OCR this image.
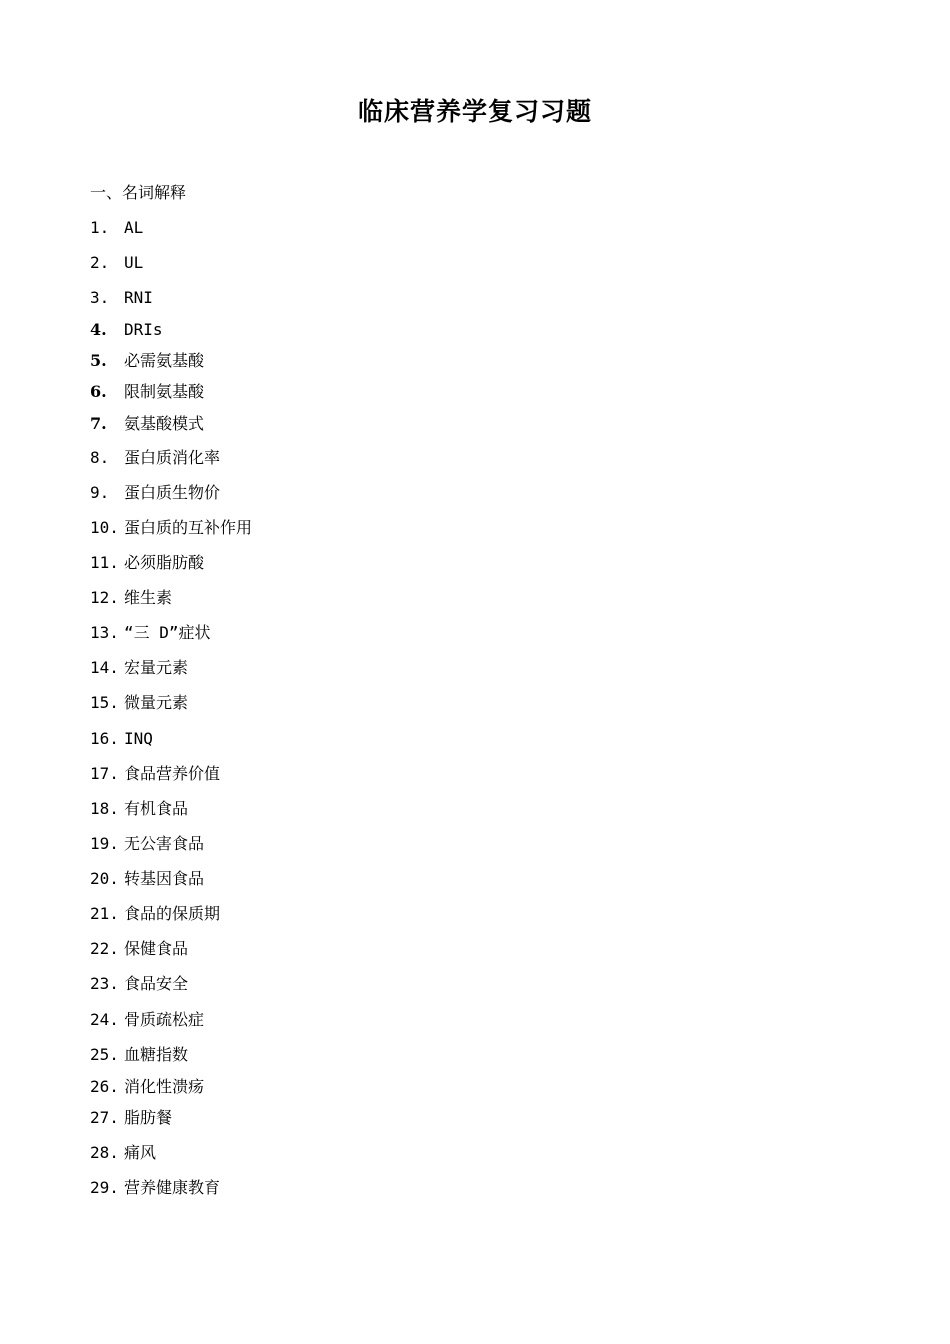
临床营养学复习习题
一、名词解释
1. AL
2. UL
3. RNI
4. DRIs
5. 必需氨基酸
6. 限制氨基酸
7. 氨基酸模式
8. 蛋白质消化率
9. 蛋白质生物价
10. 蛋白质的互补作用
11. 必须脂肪酸
12. 维生素
13. “三 D”症状
14. 宏量元素
15. 微量元素
16. INQ
17. 食品营养价值
18. 有机食品
19. 无公害食品
20. 转基因食品
21. 食品的保质期
22. 保健食品
23. 食品安全
24. 骨质疏松症
25. 血糖指数
26. 消化性溃疡
27. 脂肪餐
28. 痛风
29. 营养健康教育
